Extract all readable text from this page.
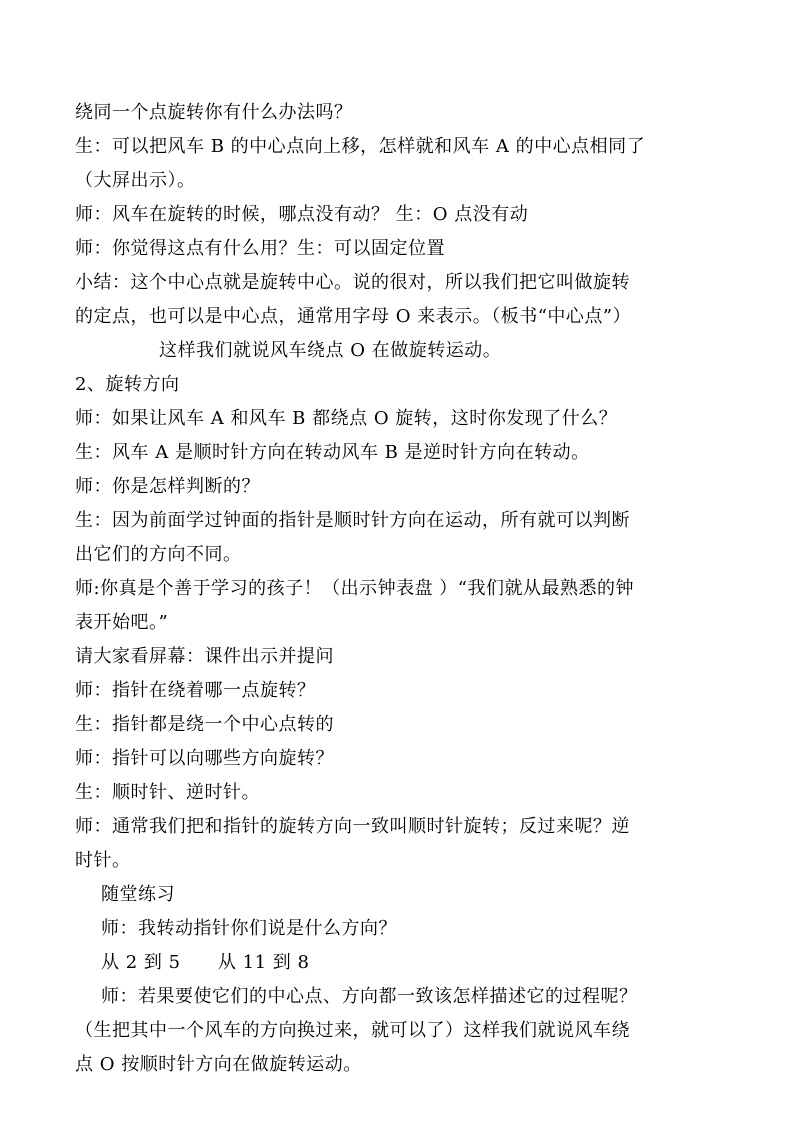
绕同一个点旋转你有什么办法吗？
生：可以把风车 B 的中心点向上移，怎样就和风车 A 的中心点相同了
（大屏出示）。
师：风车在旋转的时候，哪点没有动？ 生：O 点没有动
师：你觉得这点有什么用？生：可以固定位置
小结：这个中心点就是旋转中心。说的很对，所以我们把它叫做旋转
的定点，也可以是中心点，通常用字母 O 来表示。（板书“中心点”）
这样我们就说风车绕点 O 在做旋转运动。
2、旋转方向
师：如果让风车 A 和风车 B 都绕点 O 旋转，这时你发现了什么？
生：风车 A 是顺时针方向在转动风车 B 是逆时针方向在转动。
师：你是怎样判断的？
生：因为前面学过钟面的指针是顺时针方向在运动，所有就可以判断
出它们的方向不同。
师:你真是个善于学习的孩子！（出示钟表盘 ）“我们就从最熟悉的钟
表开始吧。”
请大家看屏幕：课件出示并提问
师：指针在绕着哪一点旋转？
生：指针都是绕一个中心点转的
师：指针可以向哪些方向旋转？
生：顺时针、逆时针。
师：通常我们把和指针的旋转方向一致叫顺时针旋转；反过来呢？逆
时针。
随堂练习
师：我转动指针你们说是什么方向？
从 2 到 5      从 11 到 8
师：若果要使它们的中心点、方向都一致该怎样描述它的过程呢？
（生把其中一个风车的方向换过来，就可以了）这样我们就说风车绕
点 O 按顺时针方向在做旋转运动。
